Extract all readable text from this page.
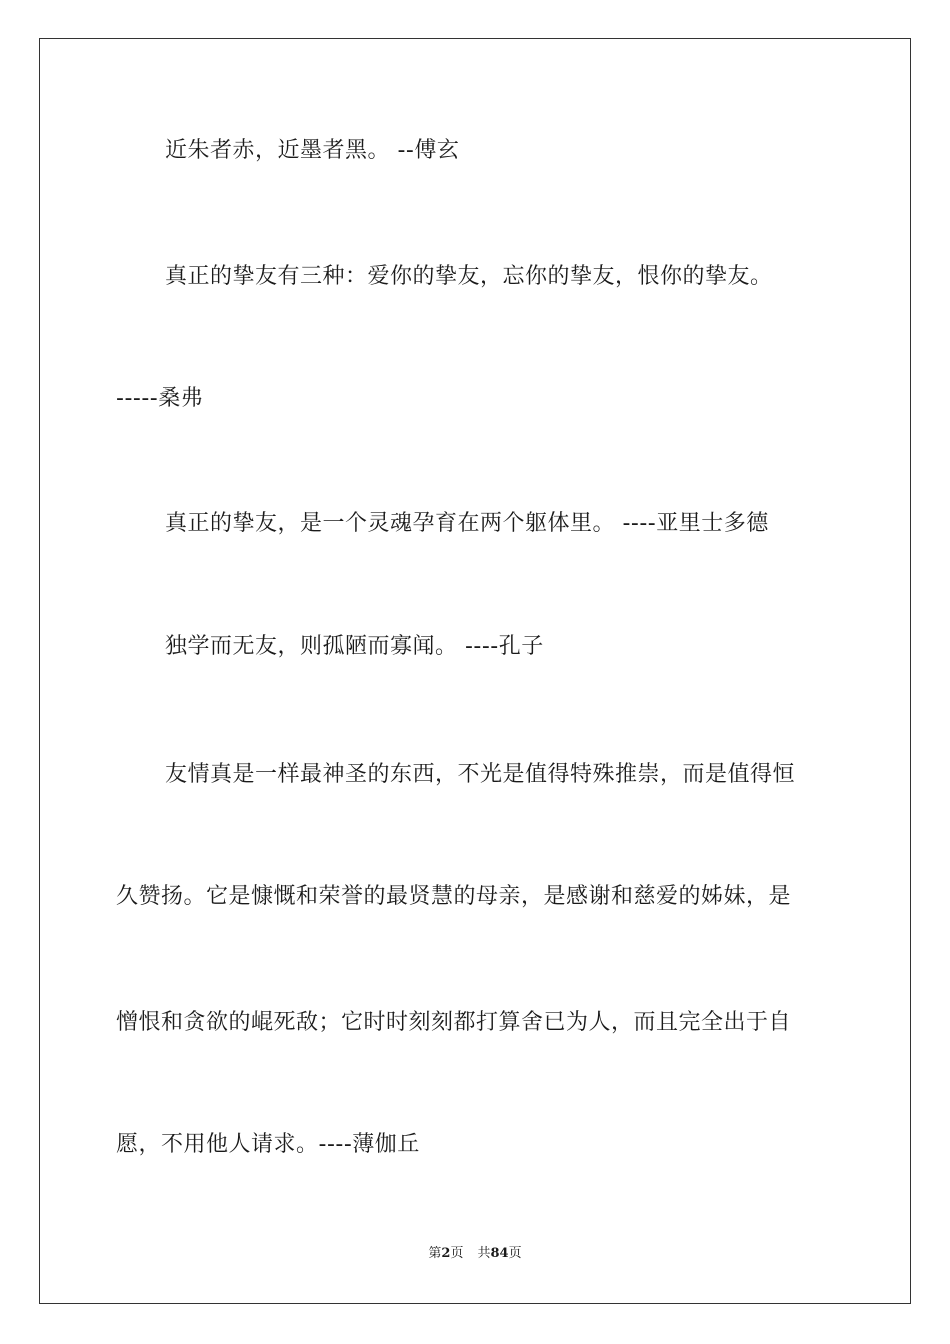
近朱者赤，近墨者黑。 --傅玄
真正的挚友有三种：爱你的挚友，忘你的挚友，恨你的挚友。
-----桑弗
真正的挚友，是一个灵魂孕育在两个躯体里。 ----亚里士多德
独学而无友，则孤陋而寡闻。 ----孔子
友情真是一样最神圣的东西，不光是值得特殊推崇，而是值得恒
久赞扬。它是慷慨和荣誉的最贤慧的母亲，是感谢和慈爱的姊妹，是
憎恨和贪欲的崐死敌；它时时刻刻都打算舍已为人，而且完全出于自
愿，不用他人请求。----薄伽丘
第2页 共84页
